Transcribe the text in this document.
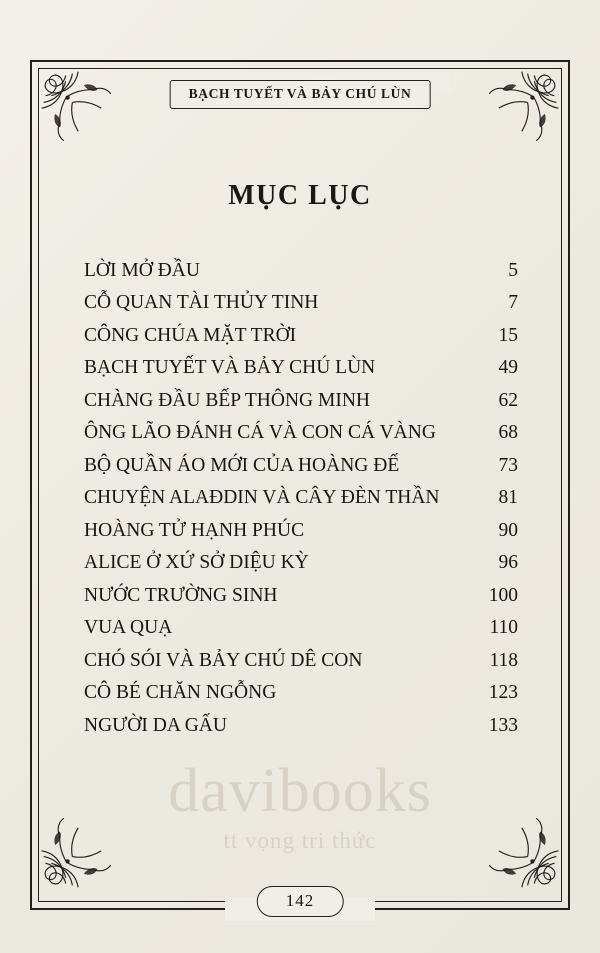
BẠCH TUYẾT VÀ BẢY CHÚ LÙN
MỤC LỤC
LỜI MỞ ĐẦU	5
CỖ QUAN TÀI THỦY TINH	7
CÔNG CHÚA MẶT TRỜI	15
BẠCH TUYẾT VÀ BẢY CHÚ LÙN	49
CHÀNG ĐẦU BẾP THÔNG MINH	62
ÔNG LÃO ĐÁNH CÁ VÀ CON CÁ VÀNG	68
BỘ QUẦN ÁO MỚI CỦA HOÀNG ĐẾ	73
CHUYỆN ALAĐDIN VÀ CÂY ĐÈN THẦN	81
HOÀNG TỬ HẠNH PHÚC	90
ALICE Ở XỨ SỞ DIỆU KỲ	96
NƯỚC TRƯỜNG SINH	100
VUA QUẠ	110
CHÓ SÓI VÀ BẢY CHÚ DÊ CON	118
CÔ BÉ CHĂN NGỖNG	123
NGƯỜI DA GẤU	133
davibooks
tt vọng tri thức
142
